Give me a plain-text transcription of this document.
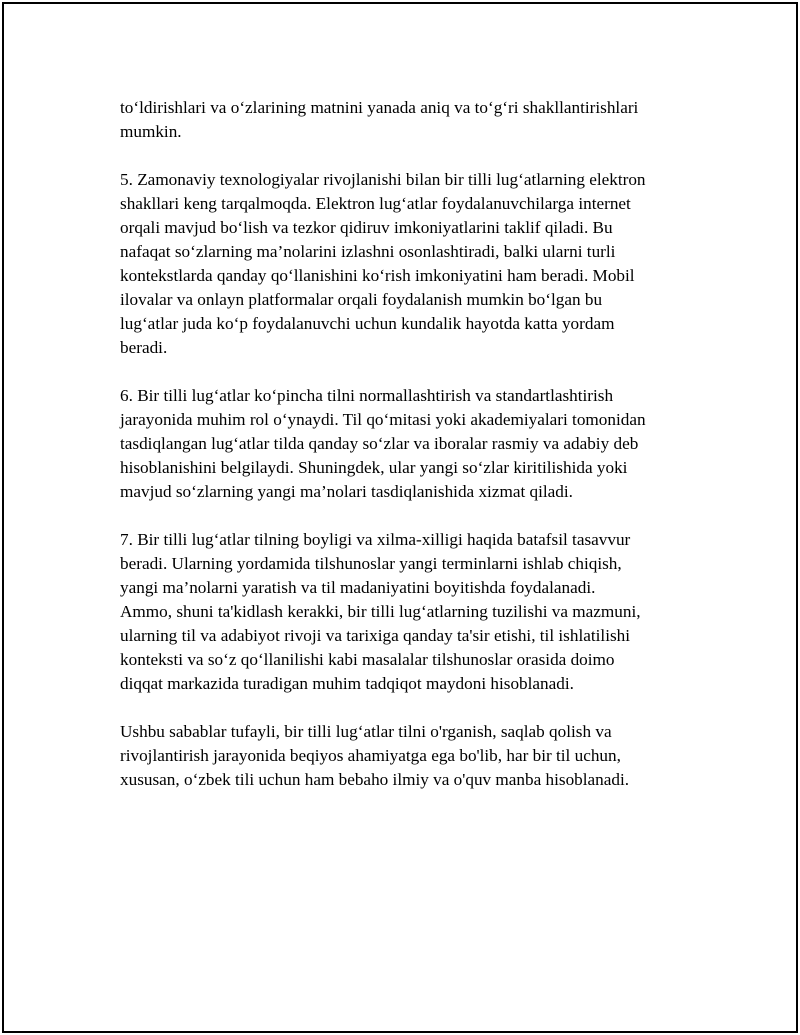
to‘ldirishlari va o‘zlarining matnini yanada aniq va to‘g‘ri shakllantirishlari
mumkin.

5. Zamonaviy texnologiyalar rivojlanishi bilan bir tilli lug‘atlarning elektron
shakllari keng tarqalmoqda. Elektron lug‘atlar foydalanuvchilarga internet
orqali mavjud bo‘lish va tezkor qidiruv imkoniyatlarini taklif qiladi. Bu
nafaqat so‘zlarning ma’nolarini izlashni osonlashtiradi, balki ularni turli
kontekstlarda qanday qo‘llanishini ko‘rish imkoniyatini ham beradi. Mobil
ilovalar va onlayn platformalar orqali foydalanish mumkin bo‘lgan bu
lug‘atlar juda ko‘p foydalanuvchi uchun kundalik hayotda katta yordam
beradi.

6. Bir tilli lug‘atlar ko‘pincha tilni normallashtirish va standartlashtirish
jarayonida muhim rol o‘ynaydi. Til qo‘mitasi yoki akademiyalari tomonidan
tasdiqlangan lug‘atlar tilda qanday so‘zlar va iboralar rasmiy va adabiy deb
hisoblanishini belgilaydi. Shuningdek, ular yangi so‘zlar kiritilishida yoki
mavjud so‘zlarning yangi ma’nolari tasdiqlanishida xizmat qiladi.

7. Bir tilli lug‘atlar tilning boyligi va xilma-xilligi haqida batafsil tasavvur
beradi. Ularning yordamida tilshunoslar yangi terminlarni ishlab chiqish,
yangi ma’nolarni yaratish va til madaniyatini boyitishda foydalanadi.
Ammo, shuni ta'kidlash kerakki, bir tilli lug‘atlarning tuzilishi va mazmuni,
ularning til va adabiyot rivoji va tarixiga qanday ta'sir etishi, til ishlatilishi
konteksti va so‘z qo‘llanilishi kabi masalalar tilshunoslar orasida doimo
diqqat markazida turadigan muhim tadqiqot maydoni hisoblanadi.

Ushbu sabablar tufayli, bir tilli lug‘atlar tilni o'rganish, saqlab qolish va
rivojlantirish jarayonida beqiyos ahamiyatga ega bo'lib, har bir til uchun,
xususan, o‘zbek tili uchun ham bebaho ilmiy va o'quv manba hisoblanadi.
